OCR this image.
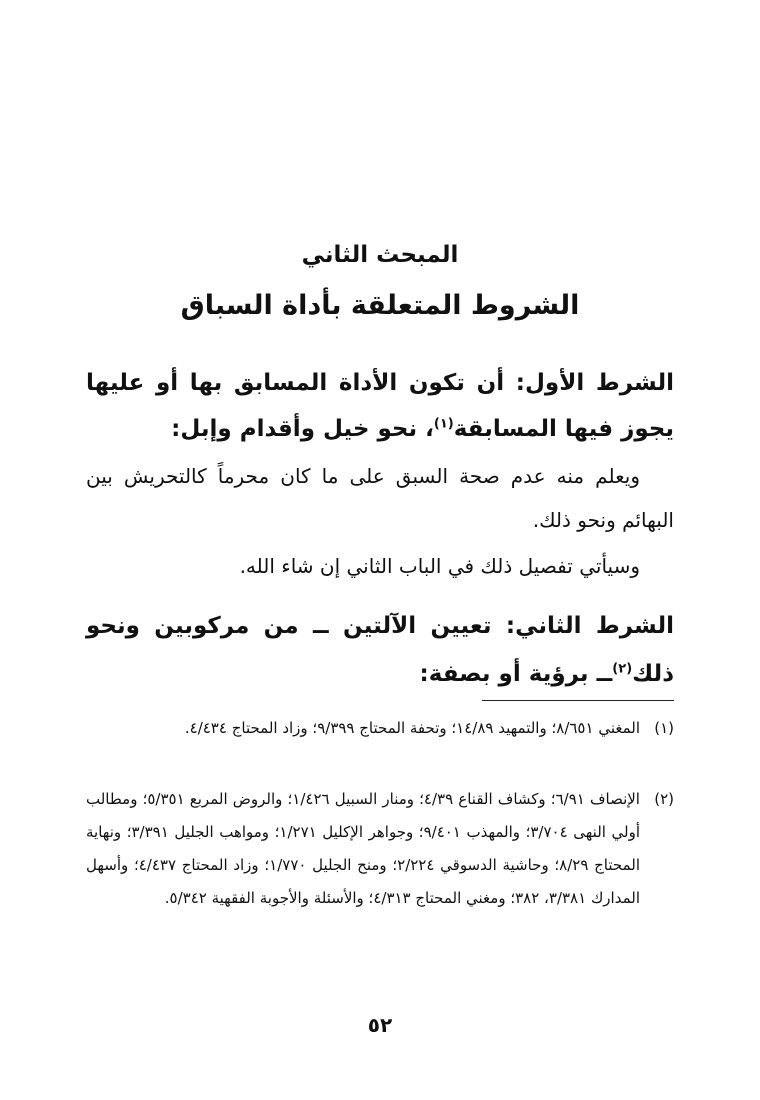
المبحث الثاني
الشروط المتعلقة بأداة السباق
الشرط الأول: أن تكون الأداة المسابق بها أو عليها يجوز فيها المسابقة$^{(١)}$، نحو خيل وأقدام وإبل:
ويعلم منه عدم صحة السبق على ما كان محرماً كالتحريش بين البهائم ونحو ذلك.
وسيأتي تفصيل ذلك في الباب الثاني إن شاء الله.
الشرط الثاني: تعيين الآلتين ــ من مركوبين ونحو ذلك$^{(٢)}$ــ برؤية أو بصفة:
(١)
المغني ٨/٦٥١؛ والتمهيد ١٤/٨٩؛ وتحفة المحتاج ٩/٣٩٩؛ وزاد المحتاج ٤/٤٣٤.
(٢)
الإنصاف ٦/٩١؛ وكشاف القناع ٤/٣٩؛ ومنار السبيل ١/٤٢٦؛ والروض المربع ٥/٣٥١؛ ومطالب أولي النهى ٣/٧٠٤؛ والمهذب ٩/٤٠١؛ وجواهر الإكليل ١/٢٧١؛ ومواهب الجليل ٣/٣٩١؛ ونهاية المحتاج ٨/٢٩؛ وحاشية الدسوقي ٢/٢٢٤؛ ومنح الجليل ١/٧٧٠؛ وزاد المحتاج ٤/٤٣٧؛ وأسهل المدارك ٣/٣٨١، ٣٨٢؛ ومغني المحتاج ٤/٣١٣؛ والأسئلة والأجوبة الفقهية ٥/٣٤٢.
٥٢
